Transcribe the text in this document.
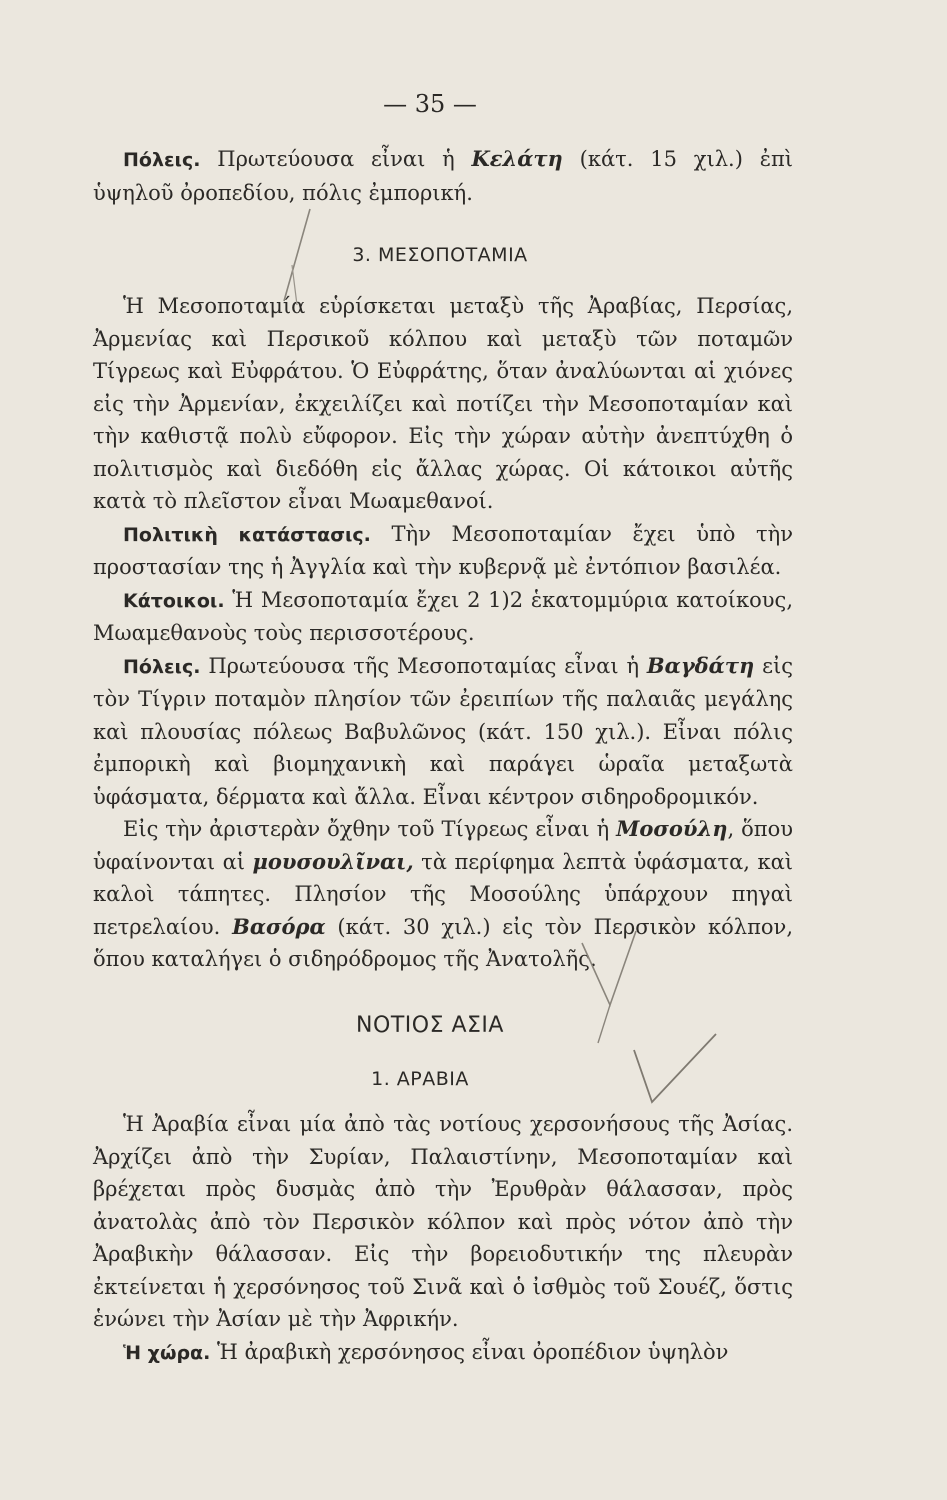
— 35 —

Πόλεις. Πρωτεύουσα εἶναι ἡ Κελάτη (κάτ. 15 χιλ.) ἐπὶ ὑψηλοῦ ὀροπεδίου, πόλις ἐμπορική.

3. ΜΕΣΟΠΟΤΑΜΙΑ

Ἡ Μεσοποταμία εὑρίσκεται μεταξὺ τῆς Ἀραβίας, Περσίας, Ἀρμενίας καὶ Περσικοῦ κόλπου καὶ μεταξὺ τῶν ποταμῶν Τίγρεως καὶ Εὐφράτου. Ὁ Εὐφράτης, ὅταν ἀναλύωνται αἱ χιόνες εἰς τὴν Ἀρμενίαν, ἐκχειλίζει καὶ ποτίζει τὴν Μεσοποταμίαν καὶ τὴν καθιστᾷ πολὺ εὔφορον. Εἰς τὴν χώραν αὐτὴν ἀνεπτύχθη ὁ πολιτισμὸς καὶ διεδόθη εἰς ἄλλας χώρας. Οἱ κάτοικοι αὐτῆς κατὰ τὸ πλεῖστον εἶναι Μωαμεθανοί.

Πολιτικὴ κατάστασις. Τὴν Μεσοποταμίαν ἔχει ὑπὸ τὴν προστασίαν της ἡ Ἀγγλία καὶ τὴν κυβερνᾷ μὲ ἐντόπιον βασιλέα.

Κάτοικοι. Ἡ Μεσοποταμία ἔχει 2 1)2 ἑκατομμύρια κατοίκους, Μωαμεθανοὺς τοὺς περισσοτέρους.

Πόλεις. Πρωτεύουσα τῆς Μεσοποταμίας εἶναι ἡ Βαγδάτη εἰς τὸν Τίγριν ποταμὸν πλησίον τῶν ἐρειπίων τῆς παλαιᾶς μεγάλης καὶ πλουσίας πόλεως Βαβυλῶνος (κάτ. 150 χιλ.). Εἶναι πόλις ἐμπορικὴ καὶ βιομηχανικὴ καὶ παράγει ὡραῖα μεταξωτὰ ὑφάσματα, δέρματα καὶ ἄλλα. Εἶναι κέντρον σιδηροδρομικόν.

Εἰς τὴν ἀριστερὰν ὄχθην τοῦ Τίγρεως εἶναι ἡ Μοσούλη, ὅπου ὑφαίνονται αἱ μουσουλῖναι, τὰ περίφημα λεπτὰ ὑφάσματα, καὶ καλοὶ τάπητες. Πλησίον τῆς Μοσούλης ὑπάρχουν πηγαὶ πετρελαίου. Βασόρα (κάτ. 30 χιλ.) εἰς τὸν Περσικὸν κόλπον, ὅπου καταλήγει ὁ σιδηρόδρομος τῆς Ἀνατολῆς.

ΝΟΤΙΟΣ ΑΣΙΑ
1. ΑΡΑΒΙΑ

Ἡ Ἀραβία εἶναι μία ἀπὸ τὰς νοτίους χερσονήσους τῆς Ἀσίας. Ἀρχίζει ἀπὸ τὴν Συρίαν, Παλαιστίνην, Μεσοποταμίαν καὶ βρέχεται πρὸς δυσμὰς ἀπὸ τὴν Ἐρυθρὰν θάλασσαν, πρὸς ἀνατολὰς ἀπὸ τὸν Περσικὸν κόλπον καὶ πρὸς νότον ἀπὸ τὴν Ἀραβικὴν θάλασσαν. Εἰς τὴν βορειοδυτικήν της πλευρὰν ἐκτείνεται ἡ χερσόνησος τοῦ Σινᾶ καὶ ὁ ἰσθμὸς τοῦ Σουέζ, ὅστις ἑνώνει τὴν Ἀσίαν μὲ τὴν Ἀφρικήν.

Ἡ χώρα. Ἡ ἀραβικὴ χερσόνησος εἶναι ὀροπέδιον ὑψηλὸν
